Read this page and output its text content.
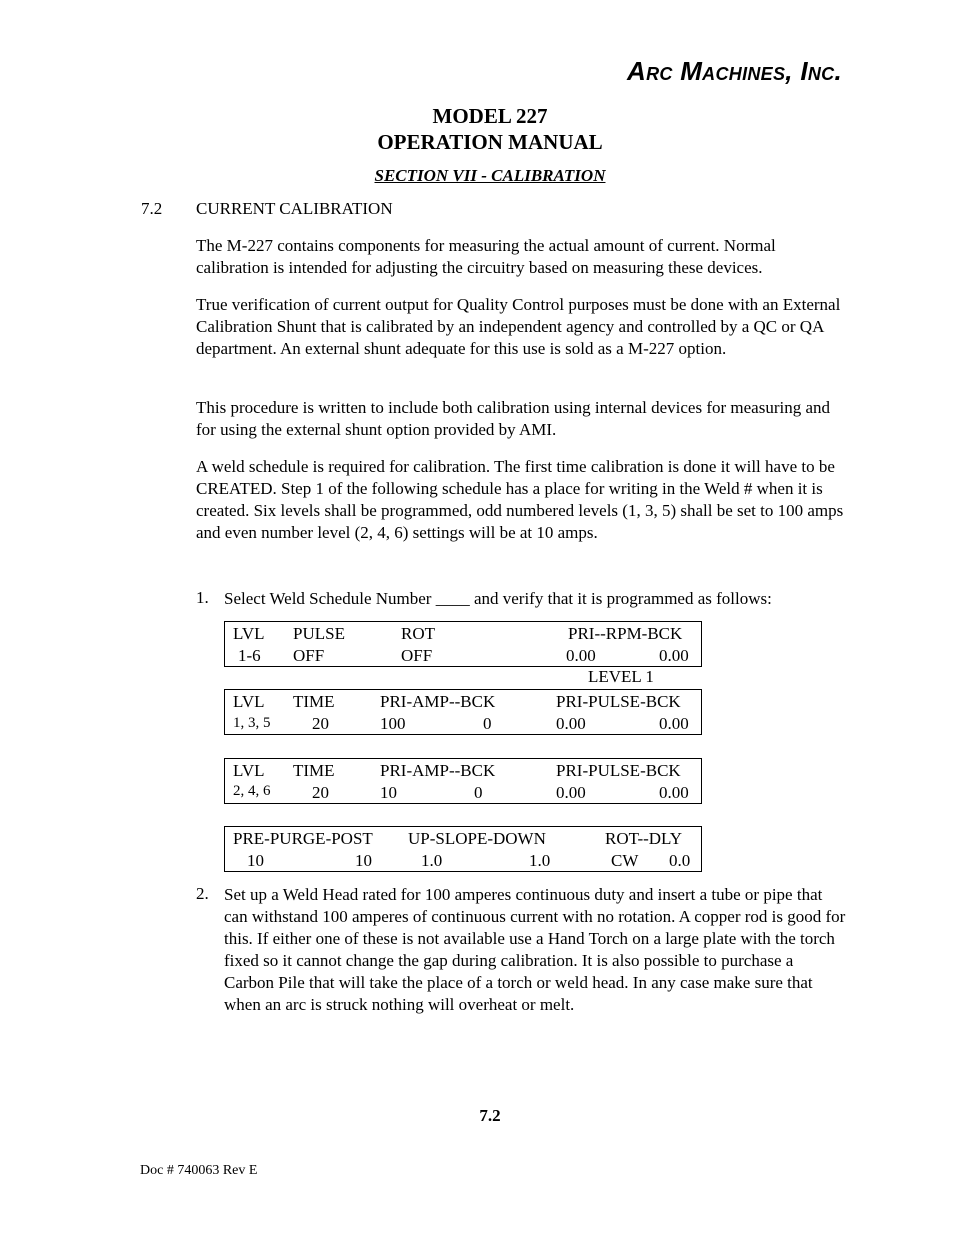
Arc Machines, Inc.
MODEL 227
OPERATION MANUAL
SECTION VII - CALIBRATION
7.2 CURRENT CALIBRATION

The M-227 contains components for measuring the actual amount of current. Normal calibration is intended for adjusting the circuitry based on measuring these devices.

True verification of current output for Quality Control purposes must be done with an External Calibration Shunt that is calibrated by an independent agency and controlled by a QC or QA department. An external shunt adequate for this use is sold as a M-227 option.

This procedure is written to include both calibration using internal devices for measuring and for using the external shunt option provided by AMI.

A weld schedule is required for calibration. The first time calibration is done it will have to be CREATED. Step 1 of the following schedule has a place for writing in the Weld # when it is created. Six levels shall be programmed, odd numbered levels (1, 3, 5) shall be set to 100 amps and even number level (2, 4, 6) settings will be at 10 amps.

1. Select Weld Schedule Number ____ and verify that it is programmed as follows:
LVL PULSE	ROT	PRI--RPM-BCK
1-6 OFF	OFF	0.00	0.00
LEVEL 1
LVL TIME	PRI-AMP--BCK	PRI-PULSE-BCK
1, 3, 5 20	100	0	0.00	0.00
LVL TIME	PRI-AMP--BCK	PRI-PULSE-BCK
2, 4, 6 20	10	0	0.00	0.00
PRE-PURGE-POST UP-SLOPE-DOWN	ROT--DLY
10	10	1.0	1.0	CW 0.0
2. Set up a Weld Head rated for 100 amperes continuous duty and insert a tube or pipe that can withstand 100 amperes of continuous current with no rotation. A copper rod is good for this. If either one of these is not available use a Hand Torch on a large plate with the torch fixed so it cannot change the gap during calibration. It is also possible to purchase a Carbon Pile that will take the place of a torch or weld head. In any case make sure that when an arc is struck nothing will overheat or melt.

7.2
Doc # 740063 Rev E
